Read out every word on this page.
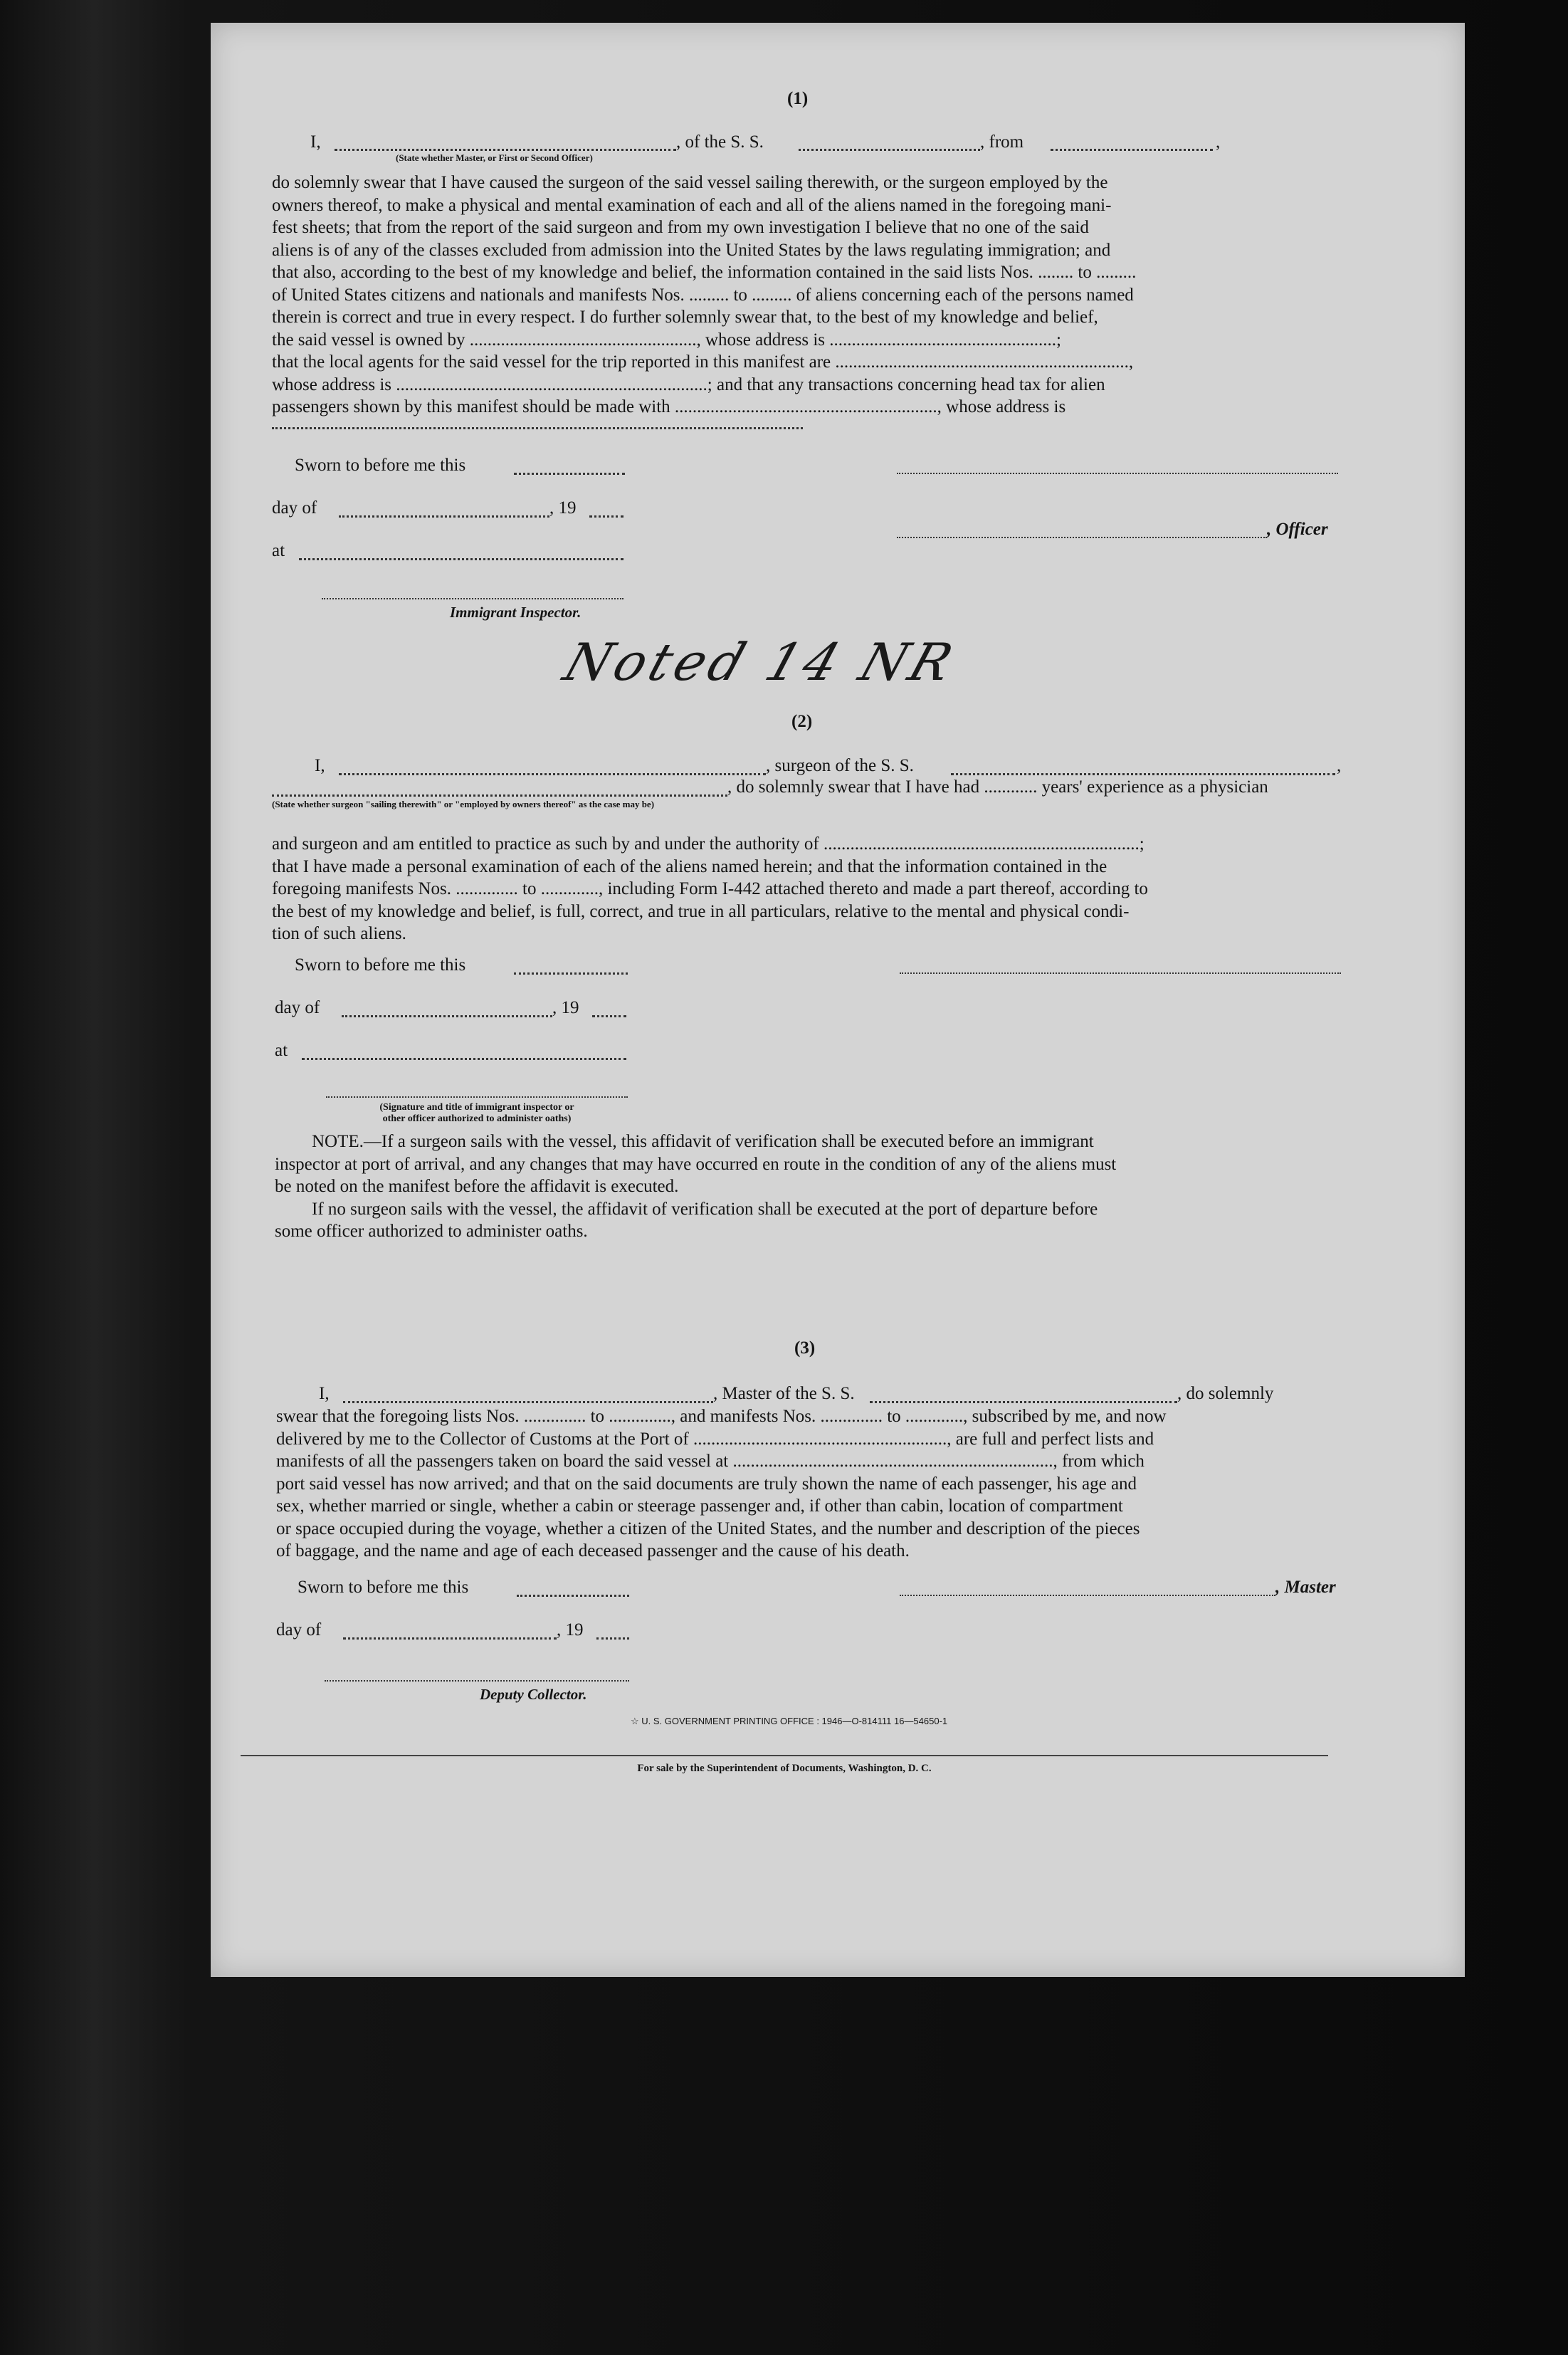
(1)
I,	, of the S. S.	, from	,
(State whether Master, or First or Second Officer)

do solemnly swear that I have caused the surgeon of the said vessel sailing therewith, or the surgeon employed by the

owners thereof, to make a physical and mental examination of each and all of the aliens named in the foregoing mani-

fest sheets; that from the report of the said surgeon and from my own investigation I believe that no one of the said

aliens is of any of the classes excluded from admission into the United States by the laws regulating immigration; and

that also, according to the best of my knowledge and belief, the information contained in the said lists Nos. ........ to .........

of United States citizens and nationals and manifests Nos. ......... to ......... of aliens concerning each of the persons named

therein is correct and true in every respect. I do further solemnly swear that, to the best of my knowledge and belief,

the said vessel is owned by ..................................................., whose address is ...................................................;

that the local agents for the said vessel for the trip reported in this manifest are ..................................................................,

whose address is ......................................................................; and that any transactions concerning head tax for alien

passengers shown by this manifest should be made with ..........................................................., whose address is

Sworn to before me this
day of	, 19
, Officer
at
Immigrant Inspector.
Noted 14 NR
(2)
I,	, surgeon of the S. S.	,
, do solemnly swear that I have had ............ years' experience as a physician
(State whether surgeon "sailing therewith" or "employed by owners thereof" as the case may be)

and surgeon and am entitled to practice as such by and under the authority of .......................................................................;

that I have made a personal examination of each of the aliens named herein; and that the information contained in the

foregoing manifests Nos. .............. to ............., including Form I-442 attached thereto and made a part thereof, according to

the best of my knowledge and belief, is full, correct, and true in all particulars, relative to the mental and physical condi-

tion of such aliens.

Sworn to before me this
day of	, 19
at
(Signature and title of immigrant inspector or
other officer authorized to administer oaths)

NOTE.—If a surgeon sails with the vessel, this affidavit of verification shall be executed before an immigrant

inspector at port of arrival, and any changes that may have occurred en route in the condition of any of the aliens must

be noted on the manifest before the affidavit is executed.

If no surgeon sails with the vessel, the affidavit of verification shall be executed at the port of departure before

some officer authorized to administer oaths.

(3)
I,	, Master of the S. S.	, do solemnly

swear that the foregoing lists Nos. .............. to .............., and manifests Nos. .............. to ............., subscribed by me, and now

delivered by me to the Collector of Customs at the Port of ........................................................., are full and perfect lists and

manifests of all the passengers taken on board the said vessel at ........................................................................, from which

port said vessel has now arrived; and that on the said documents are truly shown the name of each passenger, his age and

sex, whether married or single, whether a cabin or steerage passenger and, if other than cabin, location of compartment

or space occupied during the voyage, whether a citizen of the United States, and the number and description of the pieces

of baggage, and the name and age of each deceased passenger and the cause of his death.

Sworn to before me this	, Master
day of	, 19
Deputy Collector.
☆ U. S. GOVERNMENT PRINTING OFFICE : 1946—O-814111 16—54650-1
For sale by the Superintendent of Documents, Washington, D. C.
